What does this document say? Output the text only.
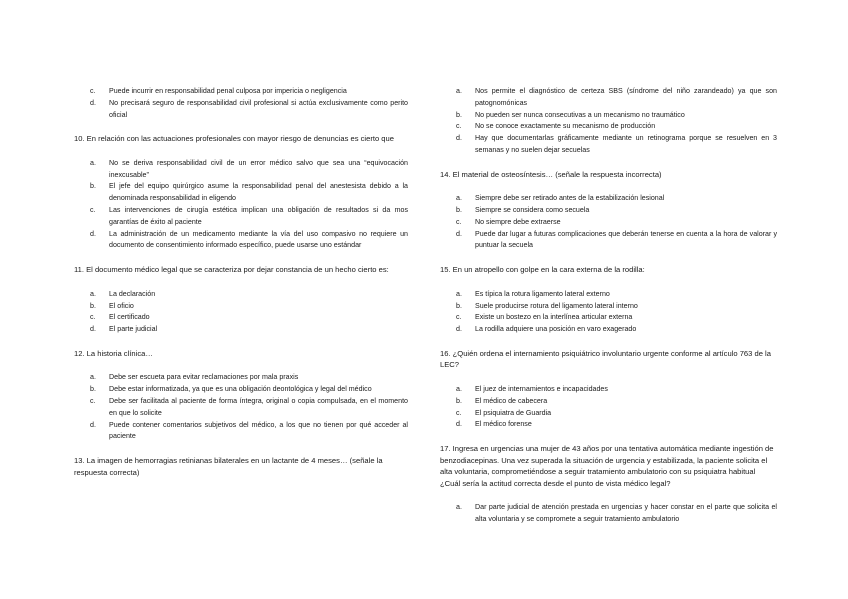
c. Puede incurrir en responsabilidad penal culposa por impericia o negligencia
d. No precisará seguro de responsabilidad civil profesional si actúa exclusivamente como perito oficial

10. En relación con las actuaciones profesionales con mayor riesgo de denuncias es cierto que

a. No se deriva responsabilidad civil de un error médico salvo que sea una “equivocación inexcusable”
b. El jefe del equipo quirúrgico asume la responsabilidad penal del anestesista debido a la denominada responsabilidad in eligendo
c. Las intervenciones de cirugía estética implican una obligación de resultados si da mos garantías de éxito al paciente
d. La administración de un medicamento mediante la vía del uso compasivo no requiere un documento de consentimiento informado específico, puede usarse uno estándar

11. El documento médico legal que se caracteriza por dejar constancia de un hecho cierto es:

a. La declaración
b. El oficio
c. El certificado
d. El parte judicial

12. La historia clínica…

a. Debe ser escueta para evitar reclamaciones por mala praxis
b. Debe estar informatizada, ya que es una obligación deontológica y legal del médico
c. Debe ser facilitada al paciente de forma íntegra, original o copia compulsada, en el momento en que lo solicite
d. Puede contener comentarios subjetivos del médico, a los que no tienen por qué acceder al paciente

13. La imagen de hemorragias retinianas bilaterales en un lactante de 4 meses… (señale la respuesta correcta)

a. Nos permite el diagnóstico de certeza SBS (síndrome del niño zarandeado) ya que son patognomónicas
b. No pueden ser nunca consecutivas a un mecanismo no traumático
c. No se conoce exactamente su mecanismo de producción
d. Hay que documentarlas gráficamente mediante un retinograma porque se resuelven en 3 semanas y no suelen dejar secuelas

14. El material de osteosíntesis… (señale la respuesta incorrecta)

a. Siempre debe ser retirado antes de la estabilización lesional
b. Siempre se considera como secuela
c. No siempre debe extraerse
d. Puede dar lugar a futuras complicaciones que deberán tenerse en cuenta a la hora de valorar y puntuar la secuela

15. En un atropello con golpe en la cara externa de la rodilla:

a. Es típica la rotura ligamento lateral externo
b. Suele producirse rotura del ligamento lateral interno
c. Existe un bostezo en la interlínea articular externa
d. La rodilla adquiere una posición en varo exagerado

16. ¿Quién ordena el internamiento psiquiátrico involuntario urgente conforme al artículo 763 de la LEC?

a. El juez de internamientos e incapacidades
b. El médico de cabecera
c. El psiquiatra de Guardia
d. El médico forense

17. Ingresa en urgencias una mujer de 43 años por una tentativa automática mediante ingestión de benzodiacepinas. Una vez superada la situación de urgencia y estabilizada, la paciente solicita el alta voluntaria, comprometiéndose a seguir tratamiento ambulatorio con su psiquiatra habitual ¿Cuál sería la actitud correcta desde el punto de vista médico legal?

a. Dar parte judicial de atención prestada en urgencias y hacer constar en el parte que solicita el alta voluntaria y se compromete a seguir tratamiento ambulatorio
